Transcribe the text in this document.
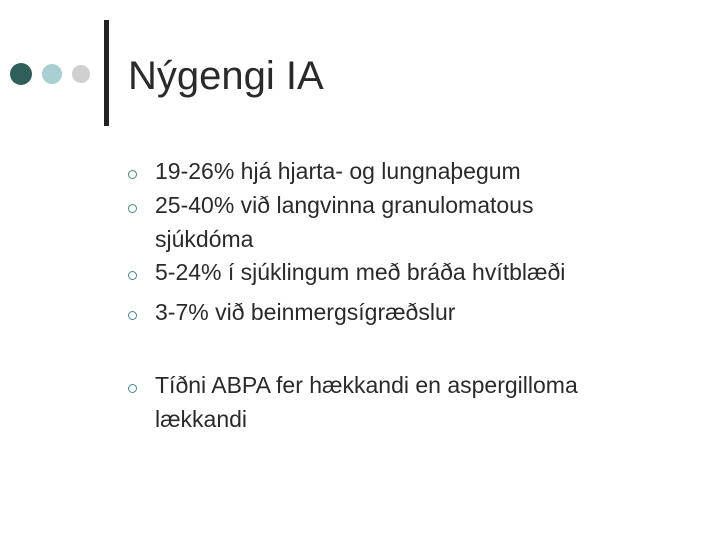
Nýgengi IA
19-26% hjá hjarta- og lungnaþegum
25-40% við langvinna granulomatous
sjúkdóma
5-24% í sjúklingum með bráða hvítblæði
3-7% við beinmergsígræðslur
Tíðni ABPA fer hækkandi en aspergilloma
lækkandi
